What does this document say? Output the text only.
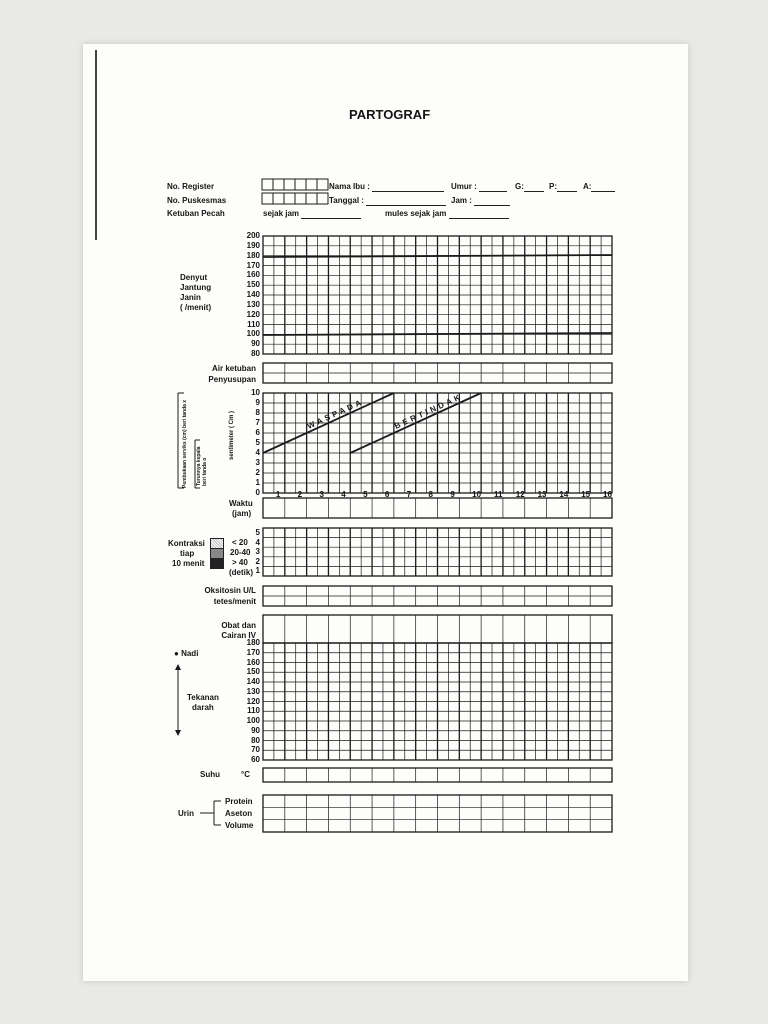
WASPADA	BERTINDAK
PARTOGRAF
No. Register
No. Puskesmas
Ketuban Pecah
Nama Ibu :	Umur :	G:	P:	A:
Tanggal :	Jam :
sejak jam	mules sejak jam
Denyut
Jantung
Janin
( /menit)
200
190
180
170
160
150
140
130
120
110
100
90
80
Air ketuban
Penyusupan
10
9
8
7
6
5
4
3
2
1
0
sentimeter ( Cm )
Pembukaan serviks (cm) beri tanda x Turunnya kepala beri tanda o
1 2 3 4 5 6 7 8 9 10 11 12 13 14 15 16
Waktu
(jam)
Kontraksi
tiap
10 menit
< 20
20-40
> 40
(detik)
5
4
3
2
1
Oksitosin U/L
tetes/menit
Obat dan
Cairan IV
● Nadi
Tekanan
darah
180
170
160
150
140
130
120
110
100
90
80
70
60
Suhu	°C
Urin
Protein
Aseton
Volume
